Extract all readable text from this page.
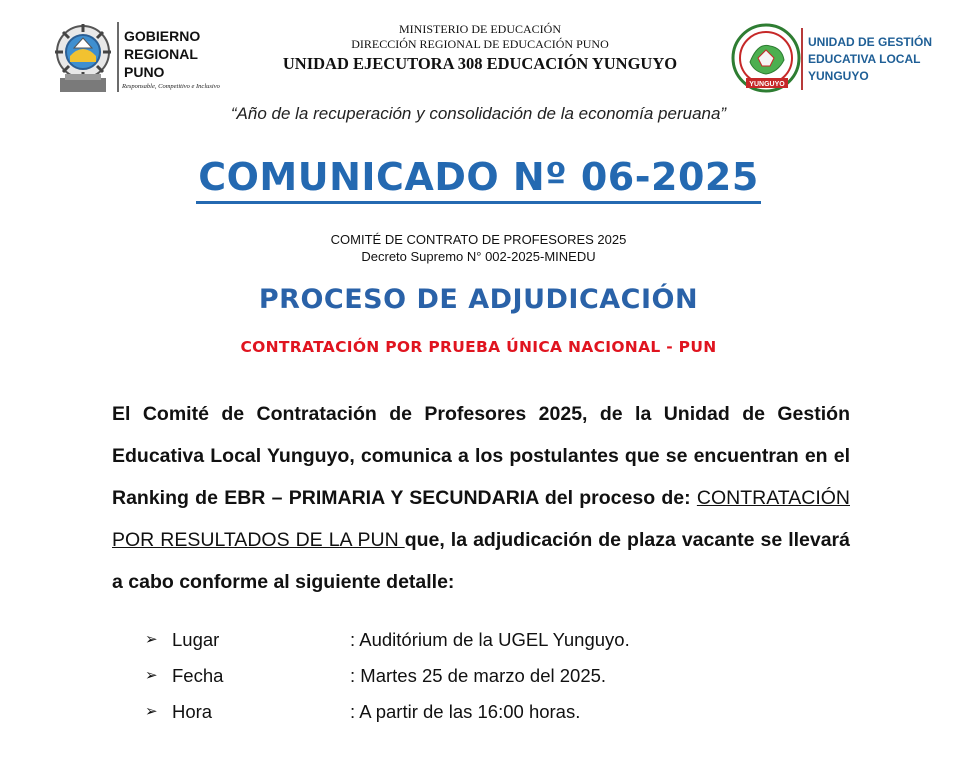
GOBIERNO
REGIONAL
PUNO
Responsable, Competitivo e Inclusivo
MINISTERIO DE EDUCACIÓN
DIRECCIÓN REGIONAL DE EDUCACIÓN PUNO
UNIDAD EJECUTORA 308 EDUCACIÓN YUNGUYO
YUNGUYO
UNIDAD DE GESTIÓN
EDUCATIVA LOCAL
YUNGUYO
“Año de la recuperación y consolidación de la economía peruana”
COMUNICADO Nº 06-2025
COMITÉ DE CONTRATO DE PROFESORES 2025
Decreto Supremo N° 002-2025-MINEDU
PROCESO DE ADJUDICACIÓN
CONTRATACIÓN POR PRUEBA ÚNICA NACIONAL - PUN
El Comité de Contratación de Profesores 2025, de la Unidad de Gestión Educativa Local Yunguyo, comunica a los postulantes que se encuentran en el Ranking de EBR – PRIMARIA Y SECUNDARIA del proceso de: CONTRATACIÓN POR RESULTADOS DE LA PUN que, la adjudicación de plaza vacante se llevará a cabo conforme al siguiente detalle:
➢ Lugar	: Auditórium de la UGEL Yunguyo.
➢ Fecha	: Martes 25 de marzo del 2025.
➢ Hora	: A partir de las 16:00 horas.
